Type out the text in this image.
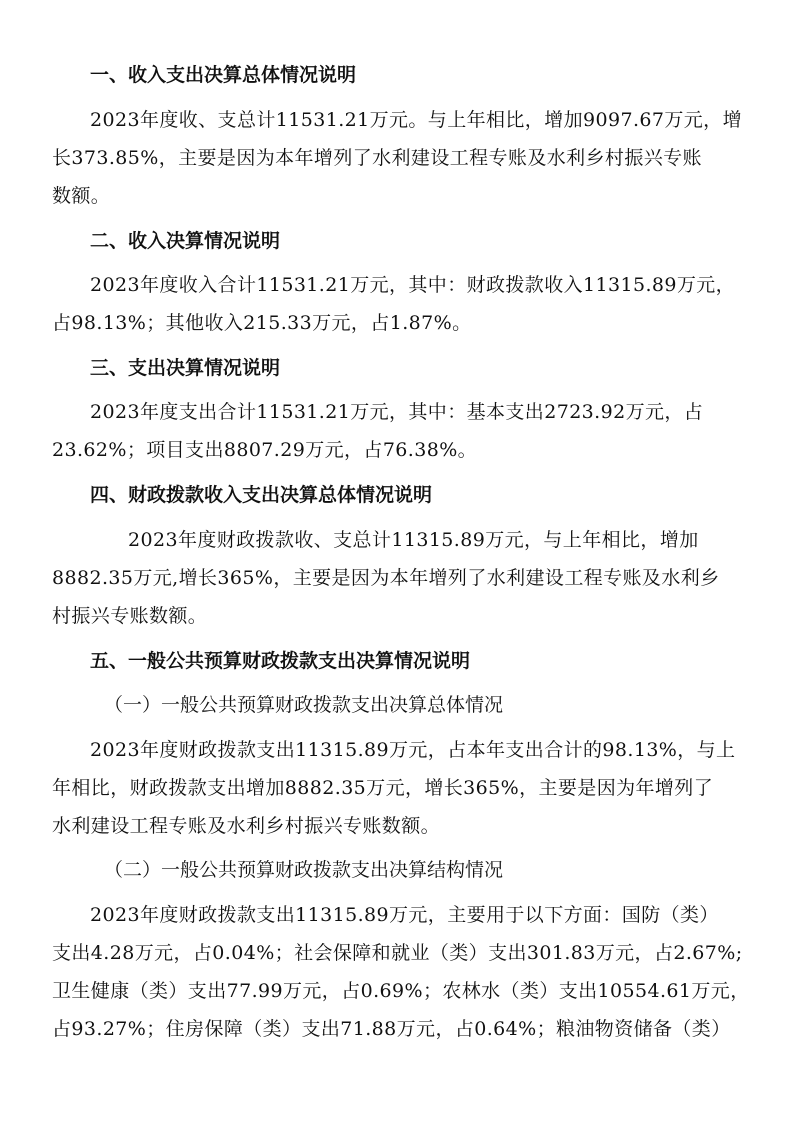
一、收入支出决算总体情况说明

2023年度收、支总计11531.21万元。与上年相比，增加9097.67万元，增

长373.85%，主要是因为本年增列了水利建设工程专账及水利乡村振兴专账

数额。

二、收入决算情况说明

2023年度收入合计11531.21万元，其中：财政拨款收入11315.89万元，

占98.13%；其他收入215.33万元，占1.87%。

三、支出决算情况说明

2023年度支出合计11531.21万元，其中：基本支出2723.92万元，占

23.62%；项目支出8807.29万元，占76.38%。

四、财政拨款收入支出决算总体情况说明

2023年度财政拨款收、支总计11315.89万元，与上年相比，增加

8882.35万元,增长365%，主要是因为本年增列了水利建设工程专账及水利乡

村振兴专账数额。

五、一般公共预算财政拨款支出决算情况说明

（一）一般公共预算财政拨款支出决算总体情况

2023年度财政拨款支出11315.89万元，占本年支出合计的98.13%，与上

年相比，财政拨款支出增加8882.35万元，增长365%，主要是因为年增列了

水利建设工程专账及水利乡村振兴专账数额。

（二）一般公共预算财政拨款支出决算结构情况

2023年度财政拨款支出11315.89万元，主要用于以下方面：国防（类）

支出4.28万元，占0.04%；社会保障和就业（类）支出301.83万元，占2.67%;

卫生健康（类）支出77.99万元，占0.69%；农林水（类）支出10554.61万元，

占93.27%；住房保障（类）支出71.88万元，占0.64%；粮油物资储备（类）
